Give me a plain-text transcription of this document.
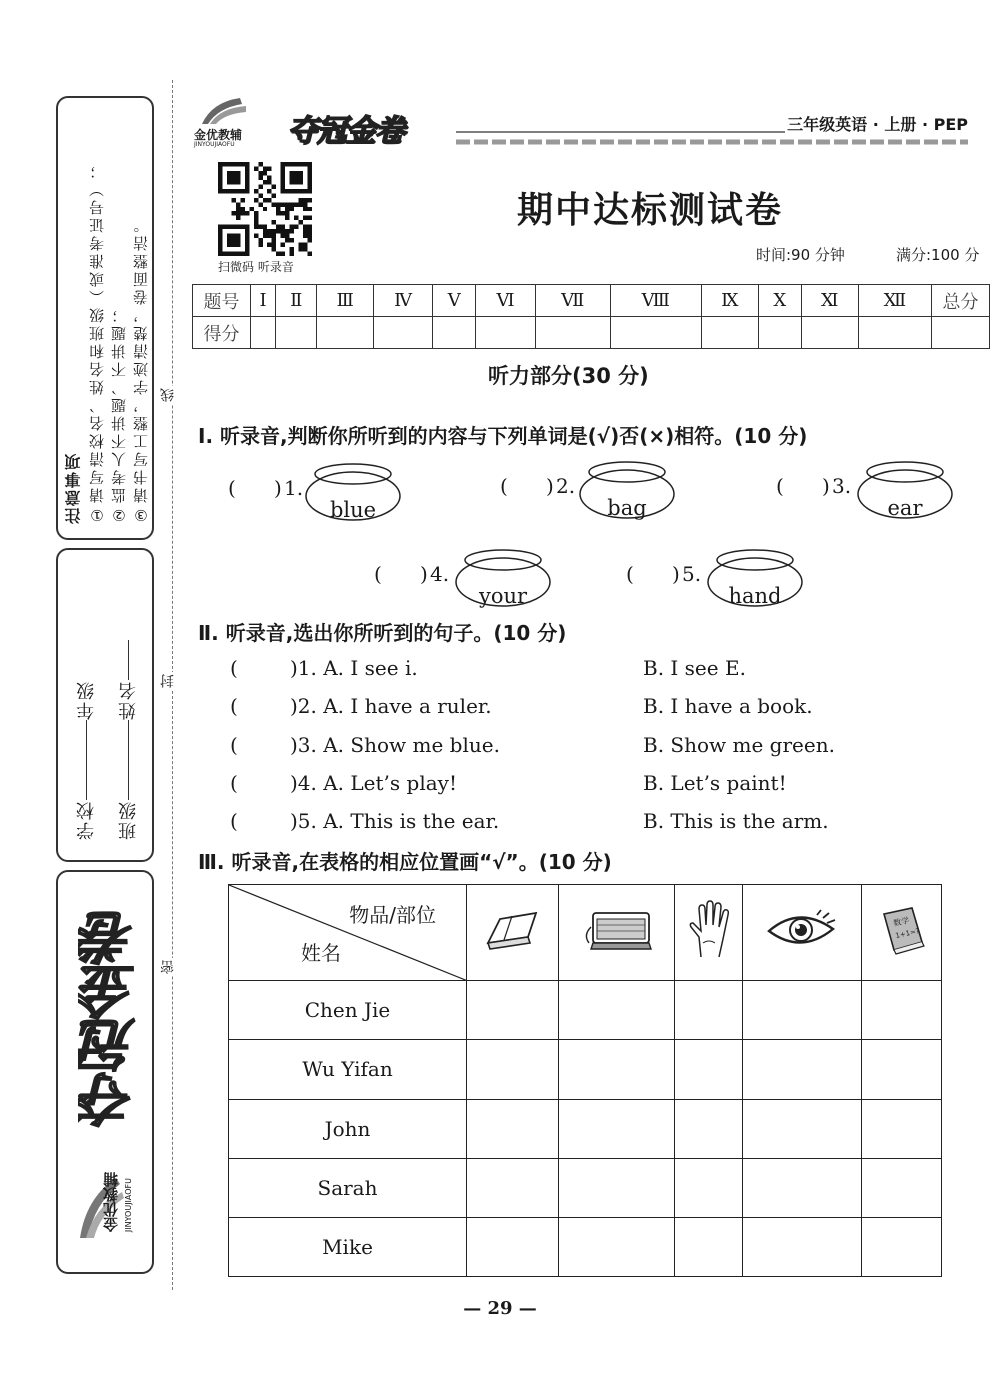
注意事项 ①请写清校名、姓名和班级（或准考证号）； ②监考人不讲题、不讲题； ③请书写工整，字迹清楚，卷面整洁。
学校年级
班级姓名
夺冠金卷
金优教辅 JINYOUJIAOFU
线
封
密
金优教辅
JINYOUJIAOFU 夺冠金卷	三年级英语 · 上册 · PEP
扫微码 听录音
期中达标测试卷
时间:90 分钟	满分:100 分
题号	Ⅰ	Ⅱ	Ⅲ	Ⅳ	Ⅴ	Ⅵ	Ⅶ	Ⅷ	Ⅸ	Ⅹ	Ⅺ	Ⅻ	总分
得分													
听力部分(30 分)
Ⅰ. 听录音,判断你所听到的内容与下列单词是(√)否(×)相符。(10 分)
( ) 1.
blue
( ) 2.
bag
( ) 3.
ear
( ) 4.
your
( ) 5.
hand
Ⅱ. 听录音,选出你所听到的句子。(10 分)
(	)1. A. I see i.	B. I see E.
(	)2. A. I have a ruler.	B. I have a book.
(	)3. A. Show me blue.	B. Show me green.
(	)4. A. Let’s play!	B. Let’s paint!
(	)5. A. This is the ear.	B. This is the arm.
Ⅲ. 听录音,在表格的相应位置画“√”。(10 分)
物品/部位
姓名					数学
1+1=?

Chen Jie					
Wu Yifan					
John					
Sarah					
Mike					
— 29 —
